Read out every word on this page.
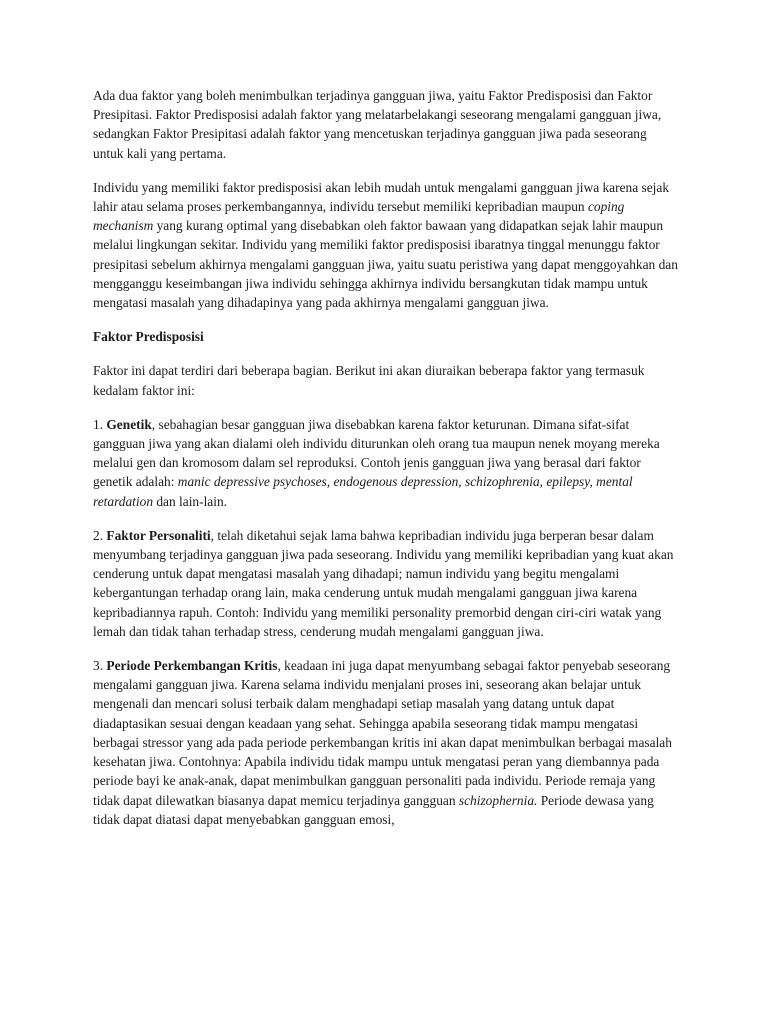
Ada dua faktor yang boleh menimbulkan terjadinya gangguan jiwa, yaitu Faktor Predisposisi dan Faktor Presipitasi. Faktor Predisposisi adalah faktor yang melatarbelakangi seseorang mengalami gangguan jiwa, sedangkan Faktor Presipitasi adalah faktor yang mencetuskan terjadinya gangguan jiwa pada seseorang untuk kali yang pertama.

Individu yang memiliki faktor predisposisi akan lebih mudah untuk mengalami gangguan jiwa karena sejak lahir atau selama proses perkembangannya, individu tersebut memiliki kepribadian maupun coping mechanism yang kurang optimal yang disebabkan oleh faktor bawaan yang didapatkan sejak lahir maupun melalui lingkungan sekitar. Individu yang memiliki faktor predisposisi ibaratnya tinggal menunggu faktor presipitasi sebelum akhirnya mengalami gangguan jiwa, yaitu suatu peristiwa yang dapat menggoyahkan dan mengganggu keseimbangan jiwa individu sehingga akhirnya individu bersangkutan tidak mampu untuk mengatasi masalah yang dihadapinya yang pada akhirnya mengalami gangguan jiwa.

Faktor Predisposisi

Faktor ini dapat terdiri dari beberapa bagian. Berikut ini akan diuraikan beberapa faktor yang termasuk kedalam faktor ini:

1. Genetik, sebahagian besar gangguan jiwa disebabkan karena faktor keturunan. Dimana sifat-sifat gangguan jiwa yang akan dialami oleh individu diturunkan oleh orang tua maupun nenek moyang mereka melalui gen dan kromosom dalam sel reproduksi. Contoh jenis gangguan jiwa yang berasal dari faktor genetik adalah: manic depressive psychoses, endogenous depression, schizophrenia, epilepsy, mental retardation dan lain-lain.

2. Faktor Personaliti, telah diketahui sejak lama bahwa kepribadian individu juga berperan besar dalam menyumbang terjadinya gangguan jiwa pada seseorang. Individu yang memiliki kepribadian yang kuat akan cenderung untuk dapat mengatasi masalah yang dihadapi; namun individu yang begitu mengalami kebergantungan terhadap orang lain, maka cenderung untuk mudah mengalami gangguan jiwa karena kepribadiannya rapuh. Contoh: Individu yang memiliki personality premorbid dengan ciri-ciri watak yang lemah dan tidak tahan terhadap stress, cenderung mudah mengalami gangguan jiwa.

3. Periode Perkembangan Kritis, keadaan ini juga dapat menyumbang sebagai faktor penyebab seseorang mengalami gangguan jiwa. Karena selama individu menjalani proses ini, seseorang akan belajar untuk mengenali dan mencari solusi terbaik dalam menghadapi setiap masalah yang datang untuk dapat diadaptasikan sesuai dengan keadaan yang sehat. Sehingga apabila seseorang tidak mampu mengatasi berbagai stressor yang ada pada periode perkembangan kritis ini akan dapat menimbulkan berbagai masalah kesehatan jiwa. Contohnya: Apabila individu tidak mampu untuk mengatasi peran yang diembannya pada periode bayi ke anak-anak, dapat menimbulkan gangguan personaliti pada individu. Periode remaja yang tidak dapat dilewatkan biasanya dapat memicu terjadinya gangguan schizophernia. Periode dewasa yang tidak dapat diatasi dapat menyebabkan gangguan emosi,
